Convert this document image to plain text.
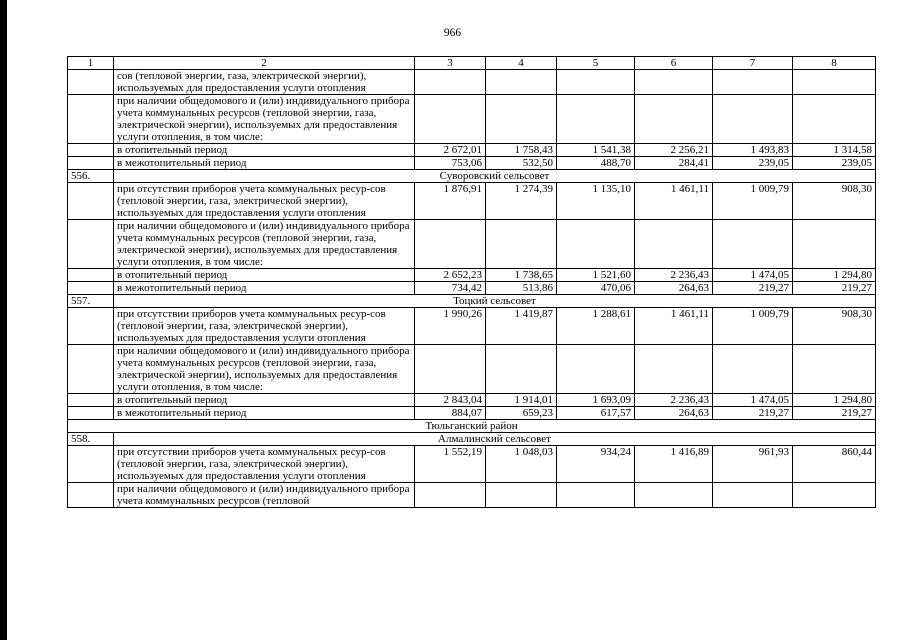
966
1	2	3	4	5	6	7	8
	сов (тепловой энергии, газа, электрической энергии), используемых для предоставления услуги отопления						
	при наличии общедомового и (или) индивидуального прибора учета коммунальных ресурсов (тепловой энергии, газа, электрической энергии), используемых для предоставления услуги отопления, в том числе:						
	в отопительный период	2 672,01	1 758,43	1 541,38	2 256,21	1 493,83	1 314,58
	в межотопительный период	753,06	532,50	488,70	284,41	239,05	239,05
556.	Суворовский сельсовет						
	при отсутствии приборов учета коммунальных ресур-сов (тепловой энергии, газа, электрической энергии), используемых для предоставления услуги отопления	1 876,91	1 274,39	1 135,10	1 461,11	1 009,79	908,30
	при наличии общедомового и (или) индивидуального прибора учета коммунальных ресурсов (тепловой энергии, газа, электрической энергии), используемых для предоставления услуги отопления, в том числе:						
	в отопительный период	2 652,23	1 738,65	1 521,60	2 236,43	1 474,05	1 294,80
	в межотопительный период	734,42	513,86	470,06	264,63	219,27	219,27
557.	Тоцкий сельсовет						
	при отсутствии приборов учета коммунальных ресур-сов (тепловой энергии, газа, электрической энергии), используемых для предоставления услуги отопления	1 990,26	1 419,87	1 288,61	1 461,11	1 009,79	908,30
	при наличии общедомового и (или) индивидуального прибора учета коммунальных ресурсов (тепловой энергии, газа, электрической энергии), используемых для предоставления услуги отопления, в том числе:						
	в отопительный период	2 843,04	1 914,01	1 693,09	2 236,43	1 474,05	1 294,80
	в межотопительный период	884,07	659,23	617,57	264,63	219,27	219,27
Тюльганский район							
558.	Алмалинский сельсовет						
	при отсутствии приборов учета коммунальных ресур-сов (тепловой энергии, газа, электрической энергии), используемых для предоставления услуги отопления	1 552,19	1 048,03	934,24	1 416,89	961,93	860,44
	при наличии общедомового и (или) индивидуального прибора учета коммунальных ресурсов (тепловой						
